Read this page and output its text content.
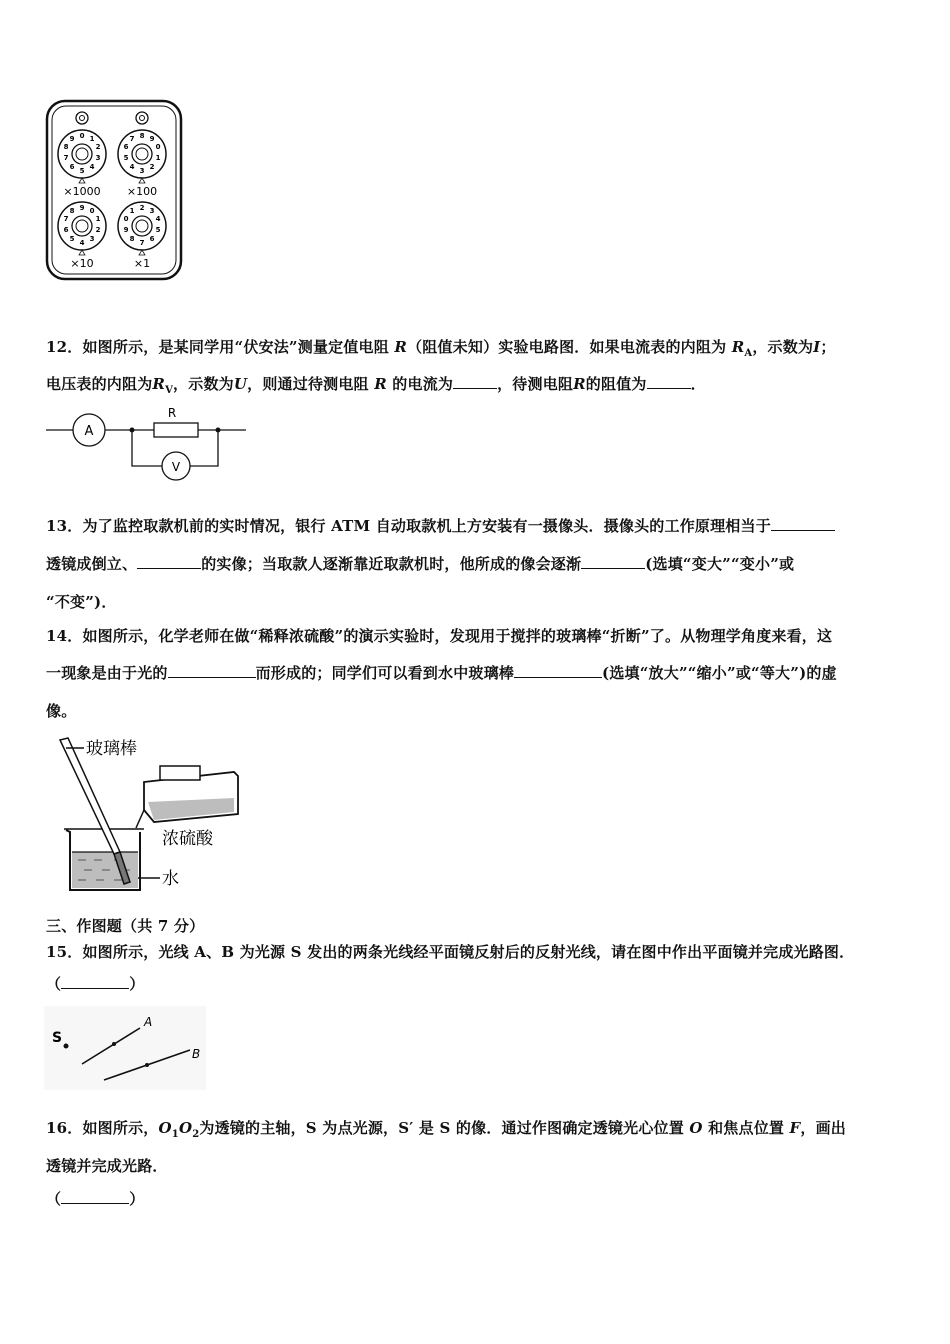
0 1
2
3
4
5
6
7
8
9	8 9
0
1
2
3
4
5
6
7
9 0
1
2
3
4
5
6
7
8	2 3
4
5
6
7
8
9
0
1
×1000 ×100
×10	×1
12．如图所示，是某同学用“伏安法”测量定值电阻 R（阻值未知）实验电路图．如果电流表的内阻为 $R_A$，示数为I；
电压表的内阻为$R_V$，示数为U，则通过待测电阻 R 的电流为	，待测电阻R的阻值为	．
A
R
V
13．为了监控取款机前的实时情况，银行 ATM 自动取款机上方安装有一摄像头．摄像头的工作原理相当于
透镜成倒立、	的实像；当取款人逐渐靠近取款机时，他所成的像会逐渐	(选填“变大”“变小”或
“不变”)．
14．如图所示，化学老师在做“稀释浓硫酸”的演示实验时，发现用于搅拌的玻璃棒“折断”了。从物理学角度来看，这
一现象是由于光的	而形成的；同学们可以看到水中玻璃棒	(选填“放大”“缩小”或“等大”)的虚
像。
玻璃棒
浓硫酸
水
三、作图题（共 7 分）
15．如图所示，光线 A、B 为光源 S 发出的两条光线经平面镜反射后的反射光线，请在图中作出平面镜并完成光路图．
（	）
S
A
B
16．如图所示，$O_1O_2$为透镜的主轴，S 为点光源，S′ 是 S 的像．通过作图确定透镜光心位置 O 和焦点位置 F，画出
透镜并完成光路．
（	）
